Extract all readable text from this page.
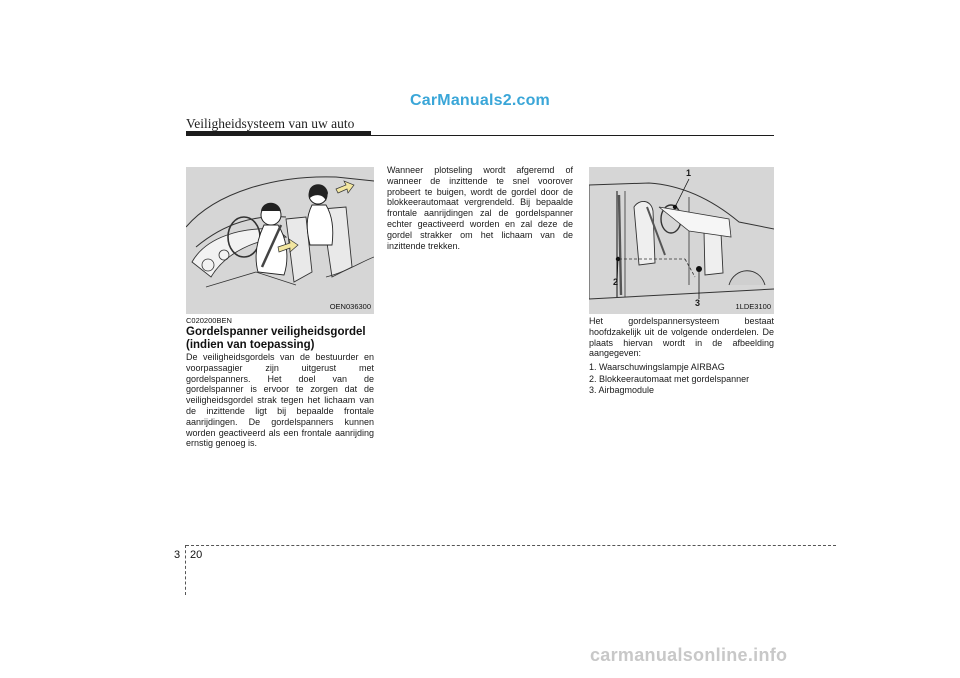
CarManuals2.com
Veiligheidsysteem van uw auto
OEN036300
1
2
3	1LDE3100
C020200BEN
Gordelspanner veiligheidsgordel (indien van toepassing)
De veiligheidsgordels van de bestuurder en voorpassagier zijn uitgerust met gordelspanners. Het doel van de gordelspanner is ervoor te zorgen dat de veiligheidsgordel strak tegen het lichaam van de inzittende ligt bij bepaalde frontale aanrijdingen. De gordelspanners kunnen worden geactiveerd als een frontale aanrijding ernstig genoeg is.
Wanneer plotseling wordt afgeremd of wanneer de inzittende te snel voorover probeert te buigen, wordt de gordel door de blokkeerautomaat vergrendeld. Bij bepaalde frontale aanrijdingen zal de gordelspanner echter geactiveerd worden en zal deze de gordel strakker om het lichaam van de inzittende trekken.
Het gordelspannersysteem bestaat hoofdzakelijk uit de volgende onderdelen. De plaats hiervan wordt in de afbeelding aangegeven:
1. Waarschuwingslampje AIRBAG
2. Blokkeerautomaat met gordelspanner
3. Airbagmodule
3 20
carmanualsonline.info
